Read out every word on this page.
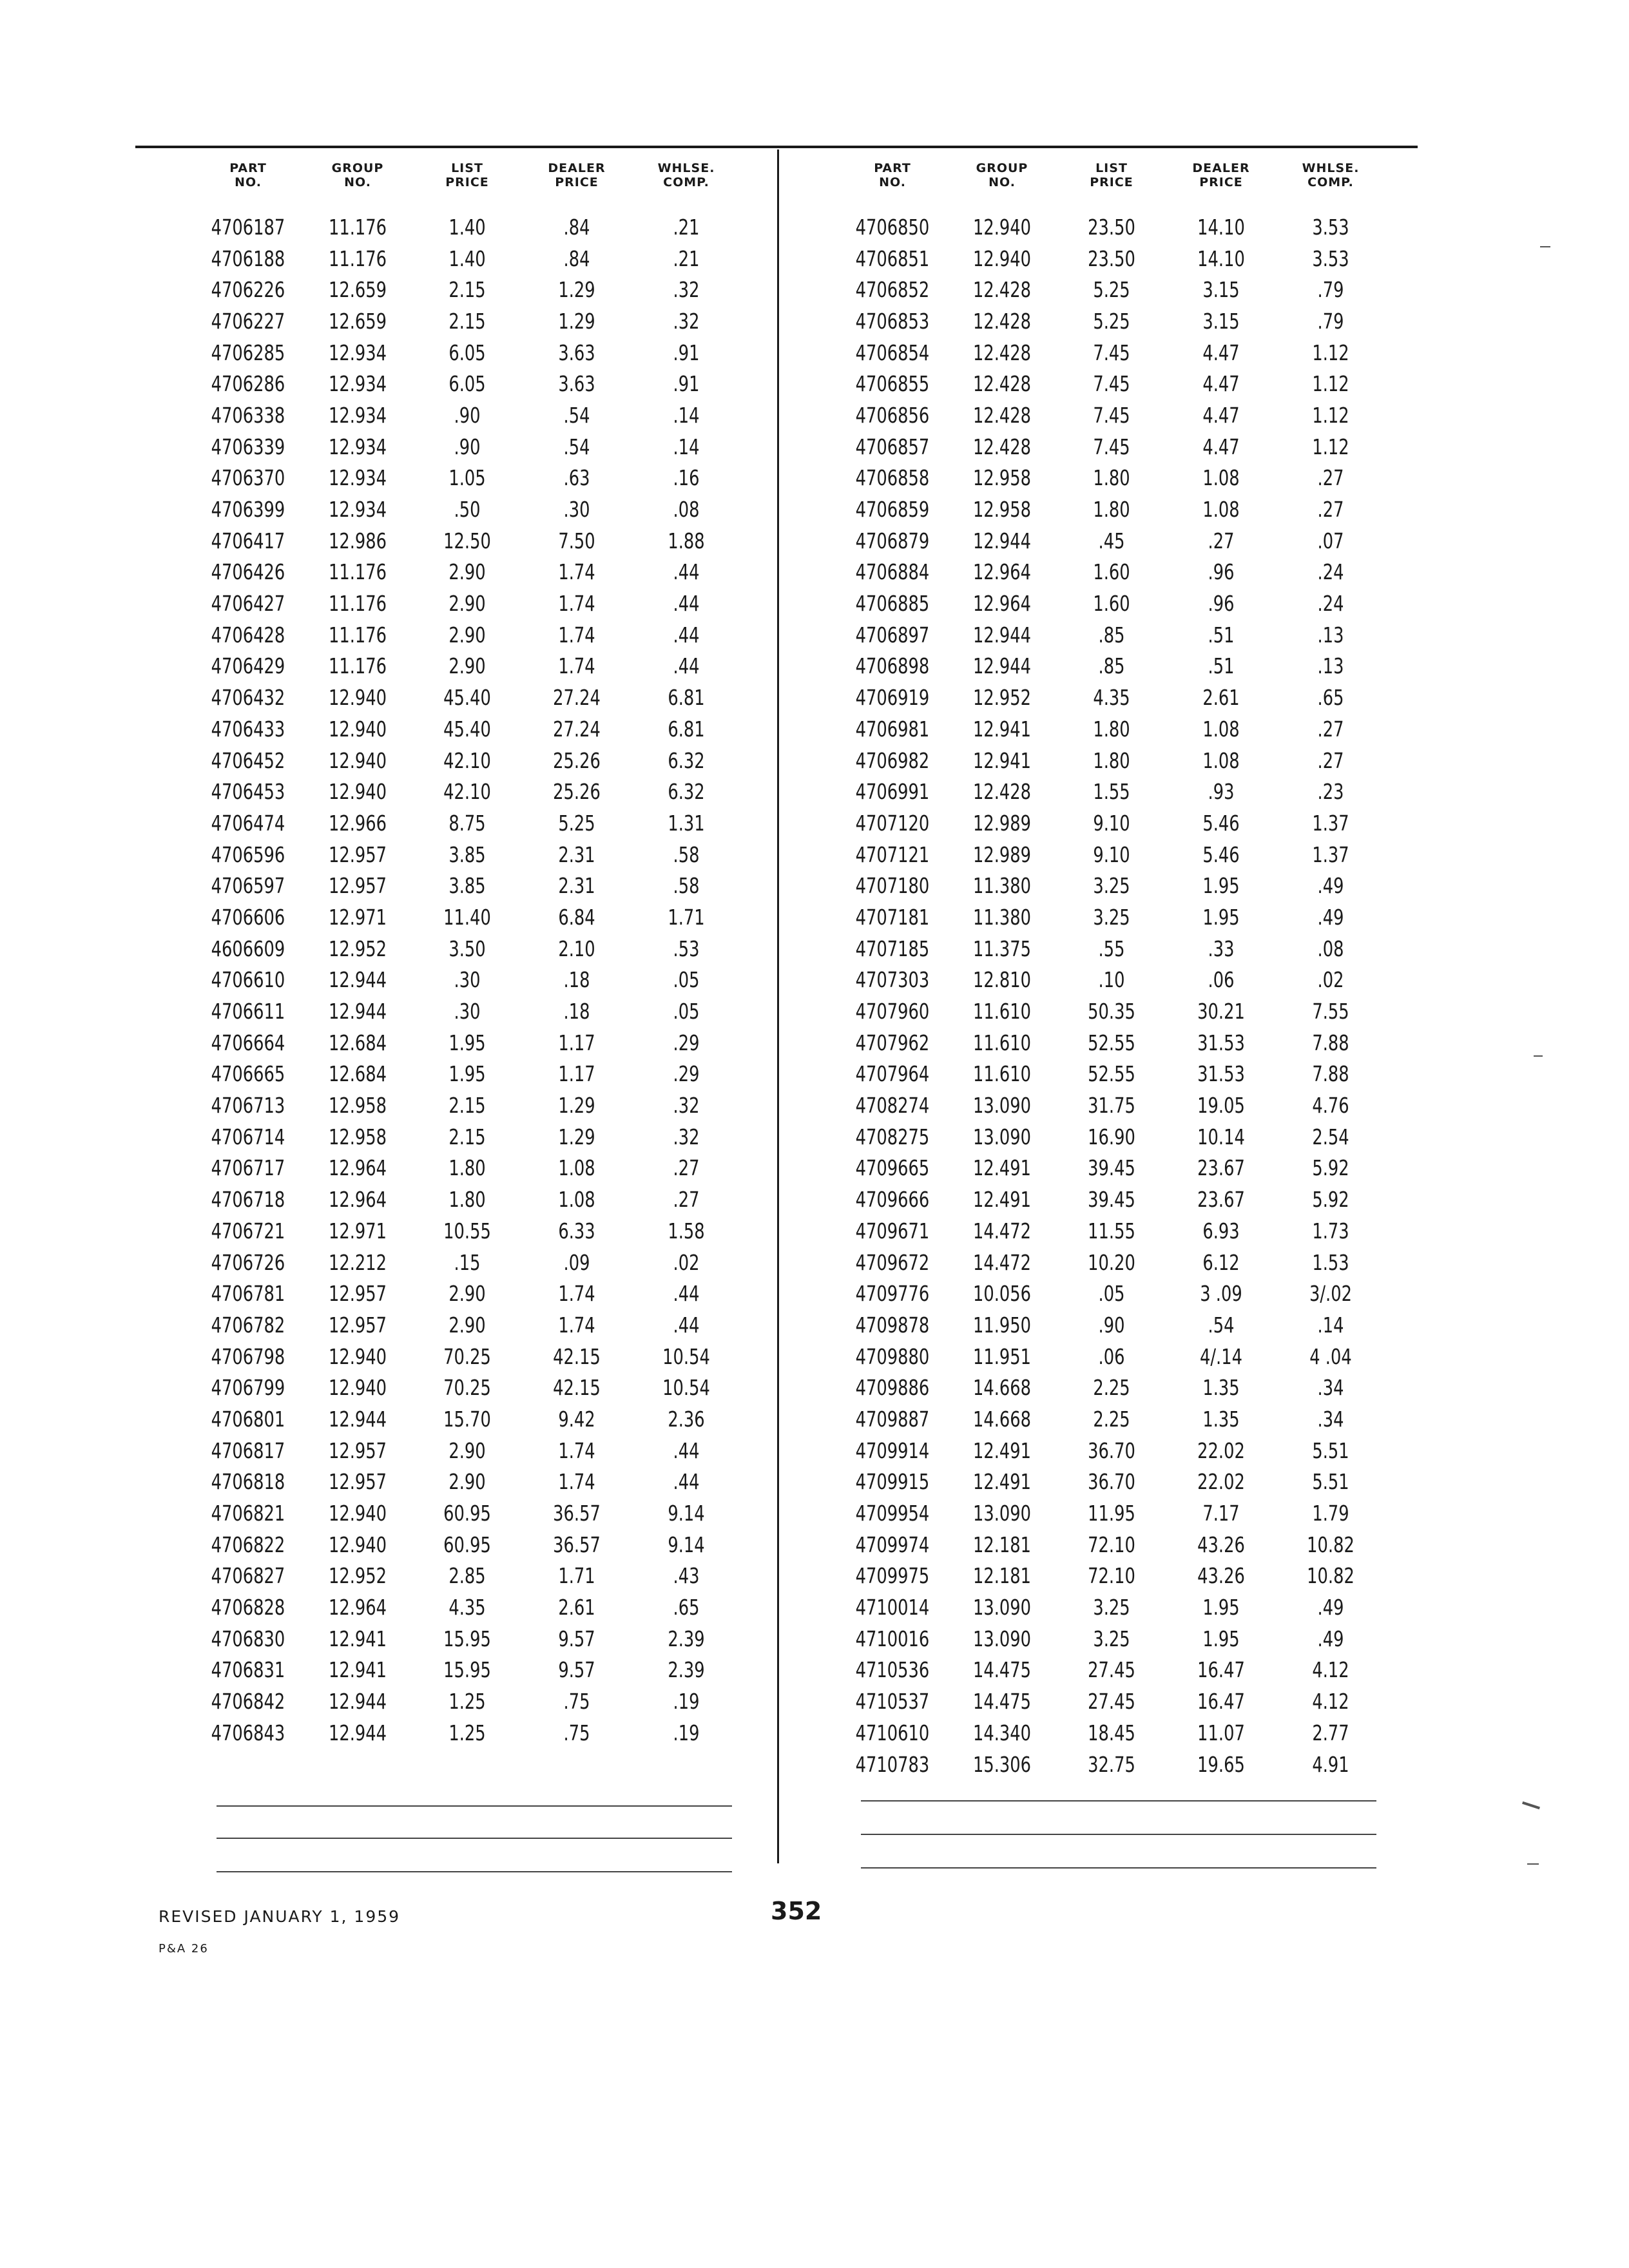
PART
NO.
GROUP
NO.
LIST
PRICE
DEALER
PRICE
WHLSE.
COMP.
4706187	11.176	1.40	.84	.21
4706188	11.176	1.40	.84	.21
4706226	12.659	2.15	1.29	.32
4706227	12.659	2.15	1.29	.32
4706285	12.934	6.05	3.63	.91
4706286	12.934	6.05	3.63	.91
4706338	12.934	.90	.54	.14
4706339	12.934	.90	.54	.14
4706370	12.934	1.05	.63	.16
4706399	12.934	.50	.30	.08
4706417	12.986	12.50	7.50	1.88
4706426	11.176	2.90	1.74	.44
4706427	11.176	2.90	1.74	.44
4706428	11.176	2.90	1.74	.44
4706429	11.176	2.90	1.74	.44
4706432	12.940	45.40	27.24	6.81
4706433	12.940	45.40	27.24	6.81
4706452	12.940	42.10	25.26	6.32
4706453	12.940	42.10	25.26	6.32
4706474	12.966	8.75	5.25	1.31
4706596	12.957	3.85	2.31	.58
4706597	12.957	3.85	2.31	.58
4706606	12.971	11.40	6.84	1.71
4606609	12.952	3.50	2.10	.53
4706610	12.944	.30	.18	.05
4706611	12.944	.30	.18	.05
4706664	12.684	1.95	1.17	.29
4706665	12.684	1.95	1.17	.29
4706713	12.958	2.15	1.29	.32
4706714	12.958	2.15	1.29	.32
4706717	12.964	1.80	1.08	.27
4706718	12.964	1.80	1.08	.27
4706721	12.971	10.55	6.33	1.58
4706726	12.212	.15	.09	.02
4706781	12.957	2.90	1.74	.44
4706782	12.957	2.90	1.74	.44
4706798	12.940	70.25	42.15	10.54
4706799	12.940	70.25	42.15	10.54
4706801	12.944	15.70	9.42	2.36
4706817	12.957	2.90	1.74	.44
4706818	12.957	2.90	1.74	.44
4706821	12.940	60.95	36.57	9.14
4706822	12.940	60.95	36.57	9.14
4706827	12.952	2.85	1.71	.43
4706828	12.964	4.35	2.61	.65
4706830	12.941	15.95	9.57	2.39
4706831	12.941	15.95	9.57	2.39
4706842	12.944	1.25	.75	.19
4706843	12.944	1.25	.75	.19
PART
NO.
GROUP
NO.
LIST
PRICE
DEALER
PRICE
WHLSE.
COMP.
4706850	12.940	23.50	14.10	3.53
4706851	12.940	23.50	14.10	3.53
4706852	12.428	5.25	3.15	.79
4706853	12.428	5.25	3.15	.79
4706854	12.428	7.45	4.47	1.12
4706855	12.428	7.45	4.47	1.12
4706856	12.428	7.45	4.47	1.12
4706857	12.428	7.45	4.47	1.12
4706858	12.958	1.80	1.08	.27
4706859	12.958	1.80	1.08	.27
4706879	12.944	.45	.27	.07
4706884	12.964	1.60	.96	.24
4706885	12.964	1.60	.96	.24
4706897	12.944	.85	.51	.13
4706898	12.944	.85	.51	.13
4706919	12.952	4.35	2.61	.65
4706981	12.941	1.80	1.08	.27
4706982	12.941	1.80	1.08	.27
4706991	12.428	1.55	.93	.23
4707120	12.989	9.10	5.46	1.37
4707121	12.989	9.10	5.46	1.37
4707180	11.380	3.25	1.95	.49
4707181	11.380	3.25	1.95	.49
4707185	11.375	.55	.33	.08
4707303	12.810	.10	.06	.02
4707960	11.610	50.35	30.21	7.55
4707962	11.610	52.55	31.53	7.88
4707964	11.610	52.55	31.53	7.88
4708274	13.090	31.75	19.05	4.76
4708275	13.090	16.90	10.14	2.54
4709665	12.491	39.45	23.67	5.92
4709666	12.491	39.45	23.67	5.92
4709671	14.472	11.55	6.93	1.73
4709672	14.472	10.20	6.12	1.53
4709776	10.056	.05	3 .09	3/.02
4709878	11.950	.90	.54	.14
4709880	11.951	.06	4/.14	4 .04
4709886	14.668	2.25	1.35	.34
4709887	14.668	2.25	1.35	.34
4709914	12.491	36.70	22.02	5.51
4709915	12.491	36.70	22.02	5.51
4709954	13.090	11.95	7.17	1.79
4709974	12.181	72.10	43.26	10.82
4709975	12.181	72.10	43.26	10.82
4710014	13.090	3.25	1.95	.49
4710016	13.090	3.25	1.95	.49
4710536	14.475	27.45	16.47	4.12
4710537	14.475	27.45	16.47	4.12
4710610	14.340	18.45	11.07	2.77
4710783	15.306	32.75	19.65	4.91
REVISED JANUARY 1, 1959
P&A 26
352
